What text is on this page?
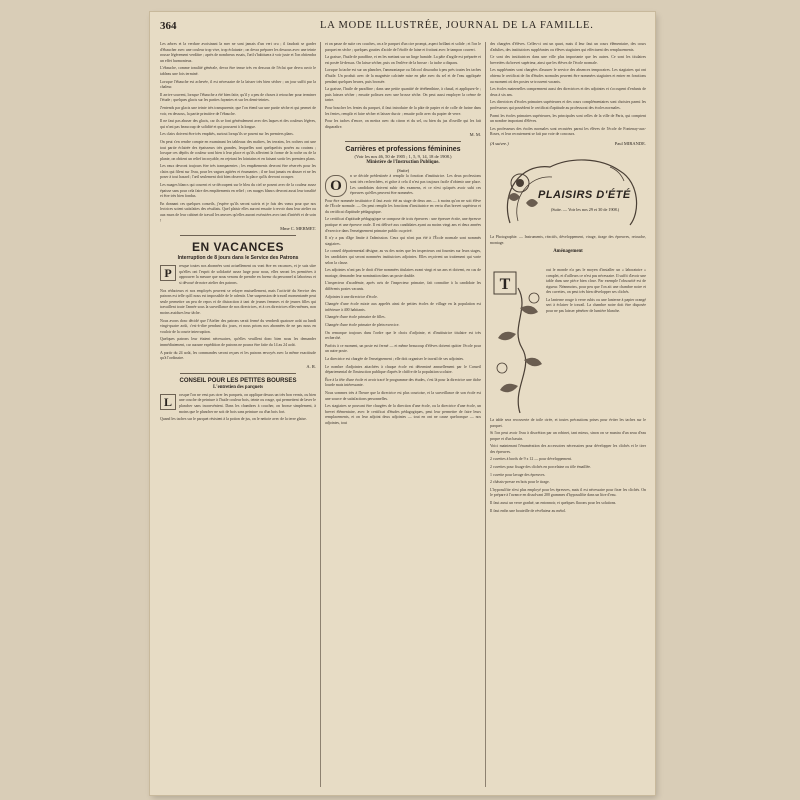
364	LA MODE ILLUSTRÉE, JOURNAL DE LA FAMILLE.

Les arbres et la verdure avoisinant la mer ne sont jamais d'un vert cru ; il faudrait se garder d'ébaucher avec une couleur trop vive, trop éclatante ; on devra préparer les dessous avec une teinte rousse légèrement verdâtre ; après de nombreux essais, l'œil s'habituera à voir juste et l'on obtiendra un effet harmonieux.

L'ébauche, comme tonalité générale, devra être tenue très en dessous de l'éclat que devra avoir le tableau une fois terminé.

Lorsque l'ébauche est achevée, il est nécessaire de la laisser très bien sécher ; un jour suffit par la chaleur.

Il arrive souvent, lorsque l'ébauche a été bien faite, qu'il y a peu de choses à retoucher pour terminer l'étude ; quelques glacis sur les parties fuyantes et sur les demi-teintes.

J'entends par glacis une teinte très transparente, que l'on étend sur une partie sèche et qui permet de voir, en dessous, la partie primitive de l'ébauche.

Il ne faut pas abuser des glacis, car ils se font généralement avec des laques et des couleurs légères, qui n'ont pas beaucoup de solidité et qui poussent à la longue.

Les clairs doivent être très empâtés, surtout lorsqu'ils se posent sur les premiers plans.

On peut s'en rendre compte en examinant les tableaux des maîtres, les terrains, les rochers ont une tout partie éclairée des épaisseurs très grandes, lesquelles sont quelquefois posées au couteau ; lorsque ces dépôts de couleur sont bien à leur place et qu'ils affectent la forme de la roche ou de la plante, on obtient un relief incroyable, en rejetant les lointains et en faisant sortir les premiers plans.

Les eaux devront toujours être très transparentes ; les empâtements devront être réservés pour les clairs qui filent sur l'eau, pour les vagues agitées et écumantes ; il ne faut jamais en abuser et ne les poser à tout hasard ; l'œil seulement doit bien observer la place qu'ils devront occuper.

Les nuages blancs qui courent et se découpent sur le bleu du ciel se posent avec de la couleur assez épaisse sans pour cela faire des empâtements en relief ; ces nuages blancs devront aussi leur tonalité et être très bien fondus.

En donnant ces quelques conseils, j'espère qu'ils seront suivis et je fais des vœux pour que nos lectrices soient satisfaites des résultats. Quel plaisir elles auront ensuite à revoir dans leur atelier ou aux murs de leur cabinet de travail les œuvres qu'elles auront exécutées avec tant d'intérêt et de soin !

Mme C. MERMET.

EN VACANCES
Interruption de 8 jours dans le Service des Patrons
P	resque toutes nos abonnées sont actuellement ou vont être en vacances, et je suis sûre qu'elles ont l'esprit de solidarité assez large pour nous, elles seront les premières à approuver la mesure que nous venons de prendre en faveur du personnel si laborieux et si dévoué de notre atelier des patrons.

Nos rédacteurs et nos employés peuvent se relayer mutuellement, mais l'activité du Service des patrons est telle qu'il nous est impossible de le ralentir. Une suspension de travail momentanée peut seule permettre un peu de repos et de distraction à tant de jeunes femmes et de jeunes filles qui travaillent toute l'année sous la surveillance de nos directrices, et à ces directrices elles-mêmes, non moins assidues leur tâche.

Nous avons donc décidé que l'Atelier des patrons serait fermé du vendredi quatorze août au lundi vingt-quatre août, c'est-à-dire pendant dix jours, et nous prions nos abonnées de ne pas nous en vouloir de la courte interruption.

Quelques patrons leur étaient nécessaires, qu'elles veuillent donc bien nous les demander immédiatement, car aucune expédition de patrons ne pourra être faite du 14 au 24 août.

A partir du 24 août, les commandes seront reçues et les patrons envoyés avec la même exactitude qu'à l'ordinaire.

A. R.

CONSEIL POUR LES PETITES BOURSES
L'entretien des parquets
L	orsque l'on ne veut pas cirer les parquets, on applique dessus un très bon vernis, ou bien une couche de peinture à l'huile couleur bois, teinte ou rouge, qui permettent de laver le plancher sans inconvénient. Dans les chambres à coucher, on brosse simplement, à moins que le plancher ne soit de bois sans peinture ou d'un bois fort.

Quand les taches sur le parquet résistent à la potion de jus, on le nettoie avec de la terre glaise.

et on passe de suite ces couches, on a le parquet d'un cire prompt, aspect brillant et solide ; et l'on le parquet en sèche ; quelques gouttes d'acide de l'étoffe de laine et frottant avec le tampon couvert.

La graisse, l'huile de paraffine, et en les mettant sur un linge humide. La pâte d'argile est préparée et est posée là-dessus. On laisse sécher, puis on l'enlève de la brosse : la tache a disparu.

Lorsque la tache est sur un plancher, l'ammoniaque ou l'alcool dissoudra à peu près toutes les taches d'huile. Un produit avec de la magnésie calcinée mise en pâte avec du sel et de l'eau appliquée pendant quelques heures, puis brossée.

La graisse, l'huile de paraffine ; dans une petite quantité de térébenthine, à chaud, et appliquez-le ; puis laissez sécher ; ensuite polissez avec une brosse sèche. On peut aussi employer la crème de tartre.

Pour boucher les fentes du parquet, il faut introduire de la pâte de papier et de colle de farine dans les fentes, remplir et faire sécher et laisser durcir ; ensuite polir avec du papier de verre.

Pour les taches d'encre, on mettra avec du citron et du sel, ou bien du jus d'oseille qui les fait disparaître.

M. M.

Carrières et professions féminines
(Voir les nos 46, 50 de 1905 ; 1, 5, 9, 14, 18 de 1908.)
Ministère de l'Instruction Publique.
(Suite)
O

n se décide prédestinée à remplir la fonction d'institutrice. Les deux professions sont très recherchées, et grâce à cela il n'est pas toujours facile d'obtenir une place. Les candidates doivent subir des examens, et ce n'est qu'après avoir subi ces épreuves qu'elles peuvent être nommées.

Pour être nommée institutrice il faut avoir été au stage de deux ans — à moins qu'on ne soit élève de l'École normale. — On peut remplir les fonctions d'institutrice en vertu d'un brevet supérieur et du certificat d'aptitude pédagogique.

Le certificat d'aptitude pédagogique se compose de trois épreuves : une épreuve écrite, une épreuve pratique et une épreuve orale. Il est délivré aux candidates ayant au moins vingt ans et deux années d'exercice dans l'enseignement primaire public ou privé.

Il n'y a pas d'âge limite à l'admission. Ceux qui n'ont pas été à l'École normale sont nommés stagiaires.

Le conseil départemental désigne, au vu des notes que les inspecteurs ont fournies sur leurs stages, les candidates qui seront nommées institutrices adjointes. Elles reçoivent un traitement qui varie selon la classe.

Les adjointes n'ont pas le droit d'être nommées titulaires avant vingt et un ans et doivent, en cas de mariage, demander leur nomination dans un poste double.

L'inspecteur d'académie, après avis de l'inspecteur primaire, fait connaître à la candidate les différents postes vacants.

Adjointes à une directrice d'école.

Changée d'une école mixte aux appelés ainsi de petites écoles de village en la population est inférieure à 400 habitants.

Changée d'une école primaire de filles.

Changée d'une école primaire de plein exercice.

On remarque toujours dans l'ordre que le choix d'adjointe, et d'institutrice titulaire est très recherché.

Parfois à ce moment, un poste est fermé — et même beaucoup d'élèves doivent quitter l'école pour un autre poste.

La directrice est chargée de l'enseignement ; elle doit organiser le travail de ses adjointes.

Le nombre d'adjointes attachées à chaque école est déterminé annuellement par le Conseil départemental de l'instruction publique d'après le chiffre de la population scolaire.

Être à la tête d'une école et avoir tracé le programme des études, c'est là pour la directrice une tâche lourde mais intéressante.

Nous sommes très à l'heure que la directrice est plus courtoise, et la surveillance de son école est une source de satisfactions personnelles.

Les stagiaires se pouvant être chargées de la direction d'une école, ou la directrice d'une école, un brevet élémentaire, avec le certificat d'études pédagogiques, peut leur permettre de faire leurs remplacements, et on leur adjoint deux adjointes — tout en ont ne cause quelconque — nos adjointes, tout

des chargées d'élèves. Celles-ci ont un quart, mais il leur faut un cours élémentaire, des cours d'adultes, des institutrices suppléantes ou élèves stagiaires qui effectuent des remplacements.

Ce sont des institutrices dans une ville plus importante que les autres. Ce sont les titulaires brevetées du brevet supérieur, ainsi que les élèves de l'école normale.

Les suppléantes sont chargées d'assurer le service des absences temporaires. Les stagiaires qui ont obtenu le certificat de fin d'études normales peuvent être nommées stagiaires et entrer en fonctions au moment où des postes se trouvent vacants.

Les écoles maternelles comprennent aussi des directrices et des adjointes et s'occupent d'enfants de deux à six ans.

Les directrices d'écoles primaires supérieures et des cours complémentaires sont choisies parmi les professeurs qui possèdent le certificat d'aptitude au professorat des écoles normales.

Parmi les écoles primaires supérieures, les principales sont celles de la ville de Paris, qui comptent un nombre important d'élèves.

Les professeurs des écoles normales sont recrutées parmi les élèves de l'école de Fontenay-aux-Roses, et leur recrutement se fait par voie de concours.

(A suivre.)	Paul MIRANDE.
PLAISIRS D'ÉTÉ
(Suite. — Voir les nos 29 et 30 de 1908.)

La Photographie. — Instruments, réactifs, développement, virage, tirage des épreuves, retouche, montage.

Aménagement
T

out le monde n'a pas le moyen d'installer un « laboratoire » complet, et d'ailleurs ce n'est pas nécessaire. Il suffit d'avoir une table dans une pièce bien close. Par exemple l'obscurité est de rigueur. Néanmoins, pour peu que l'on ait une chambre noire et des cuvettes, on peut très bien développer ses clichés.

La lanterne rouge à verre rubis ou une lanterne à papier orangé sert à éclairer le travail. La chambre noire doit être disposée pour ne pas laisser pénétrer de lumière blanche.

La table sera recouverte de toile cirée, et toutes précautions prises pour éviter les taches sur le parquet.

Si l'on peut avoir l'eau à discrétion par un robinet, tant mieux, sinon on se munira d'un seau d'eau propre et d'un bassin.

Voici maintenant l'énumération des accessoires nécessaires pour développer les clichés et le tirer des épreuves.

2 cuvettes à bords de 9 x 12 — pour développement.

2 cuvettes pour fixage des clichés en porcelaine ou tôle émaillée.

1 cuvette pour lavage des épreuves.

2 châssis-presse en bois pour le tirage.

L'hyposulfite n'est plus employé pour les épreuves, mais il est nécessaire pour fixer les clichés. On le prépare à l'avance en dissolvant 200 grammes d'hyposulfite dans un litre d'eau.

Il faut aussi un verre gradué, un entonnoir, et quelques flacons pour les solutions.

Il faut enfin une bouteille de révélateur au métol.
